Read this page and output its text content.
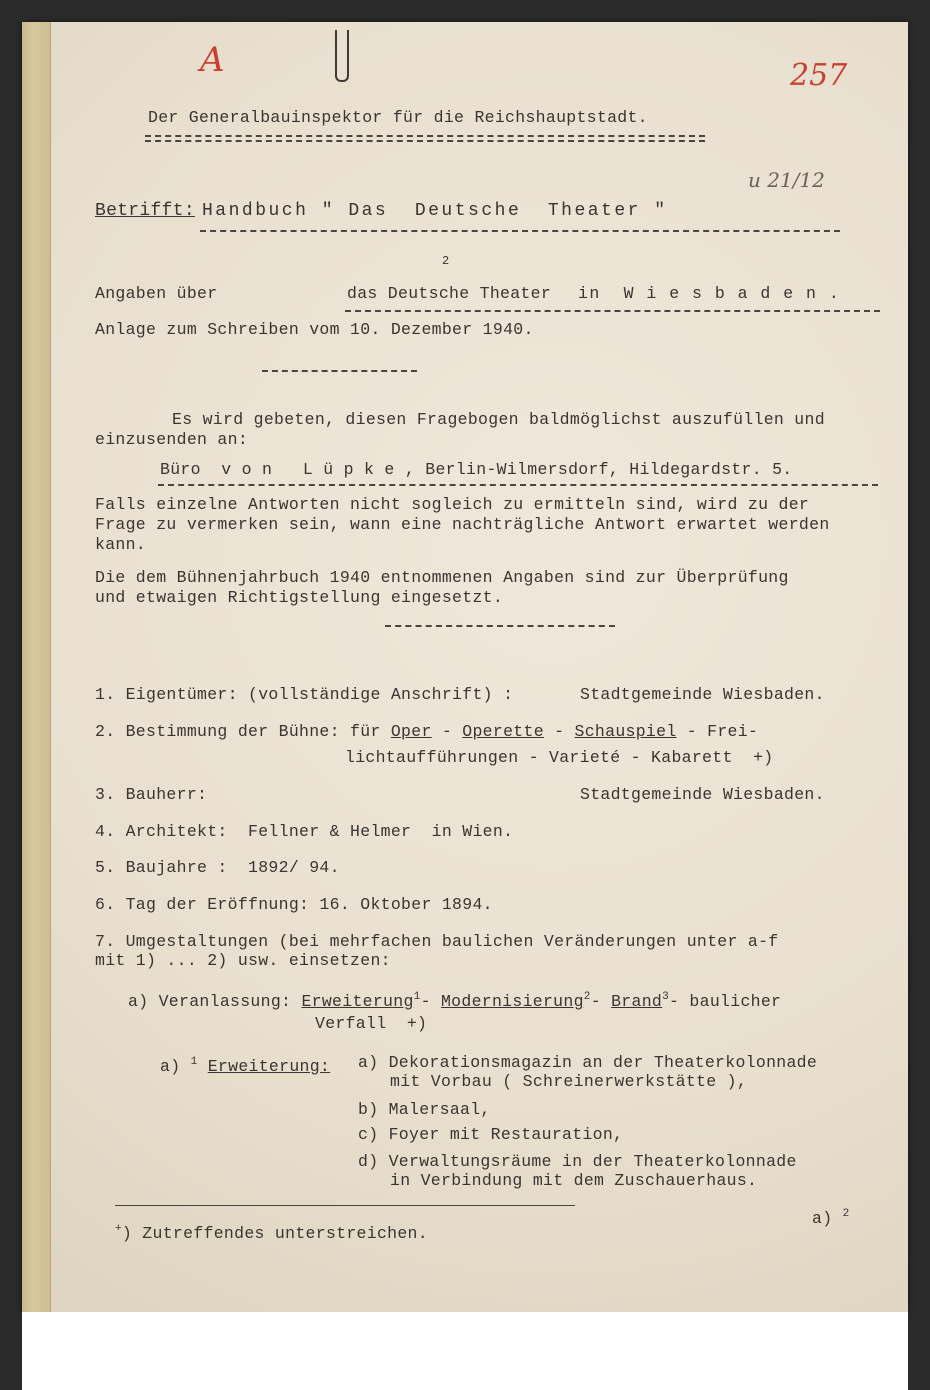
A	257
u 21/12
Der Generalbauinspektor für die Reichshauptstadt.
Betrifft: Handbuch " Das  Deutsche  Theater "
2
Angaben über	das Deutsche Theater in  W i e s b a d e n .
Anlage zum Schreiben vom 10. Dezember 1940.
Es wird gebeten, diesen Fragebogen baldmöglichst auszufüllen und
einzusenden an:
Büro  v o n   L ü p k e , Berlin-Wilmersdorf, Hildegardstr. 5.
Falls einzelne Antworten nicht sogleich zu ermitteln sind, wird zu der
Frage zu vermerken sein, wann eine nachträgliche Antwort erwartet werden
kann.
Die dem Bühnenjahrbuch 1940 entnommenen Angaben sind zur Überprüfung
und etwaigen Richtigstellung eingesetzt.
1. Eigentümer: (vollständige Anschrift) :	Stadtgemeinde Wiesbaden.
2. Bestimmung der Bühne: für Oper - Operette - Schauspiel - Frei-
lichtaufführungen - Varieté - Kabarett  +)
3. Bauherr:	Stadtgemeinde Wiesbaden.
4. Architekt:  Fellner & Helmer  in Wien.
5. Baujahre :  1892/ 94.
6. Tag der Eröffnung: 16. Oktober 1894.
7. Umgestaltungen (bei mehrfachen baulichen Veränderungen unter a-f
mit 1) ... 2) usw. einsetzen:
a) Veranlassung: Erweiterung$^1$- Modernisierung$^2$- Brand$^3$- baulicher
Verfall  +)
a) $^1$ Erweiterung: a) Dekorationsmagazin an der Theaterkolonnade
mit Vorbau ( Schreinerwerkstätte ),
b) Malersaal,
c) Foyer mit Restauration,
d) Verwaltungsräume in der Theaterkolonnade
in Verbindung mit dem Zuschauerhaus.
+) Zutreffendes unterstreichen.
a) $^2$
